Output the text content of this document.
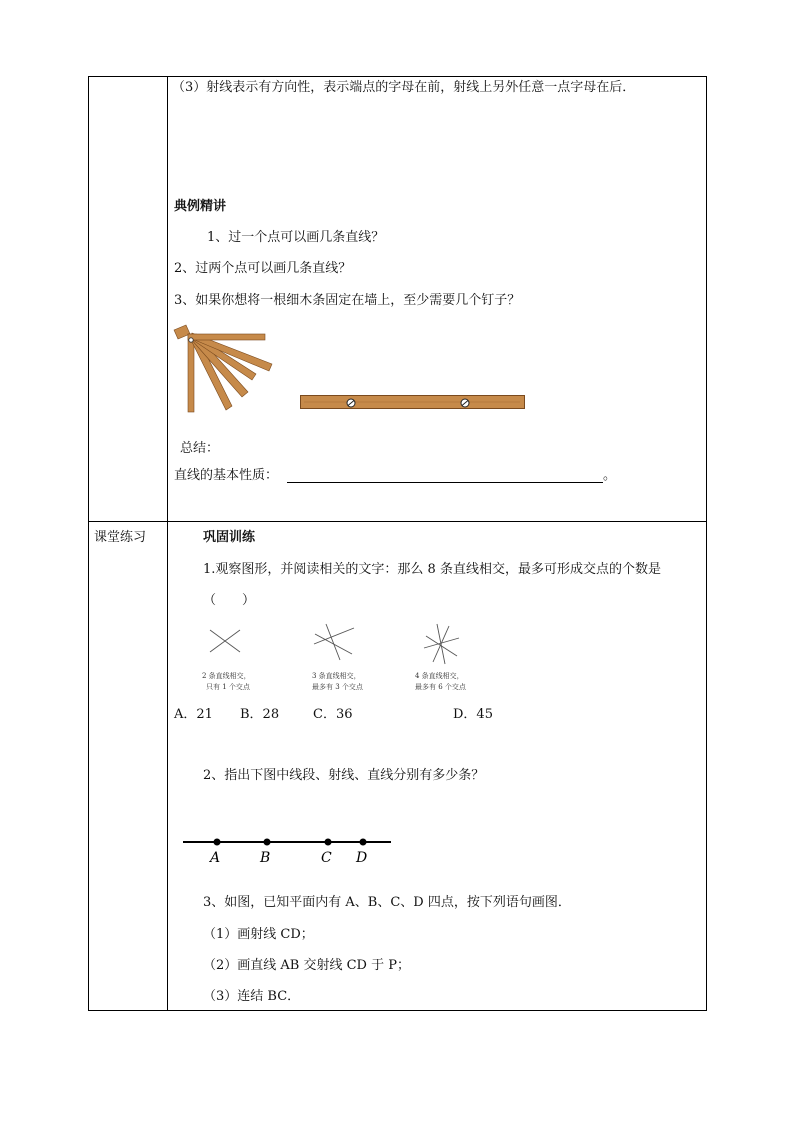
（3）射线表示有方向性，表示端点的字母在前，射线上另外任意一点字母在后．
典例精讲
1、过一个点可以画几条直线？
2、过两个点可以画几条直线？
3、如果你想将一根细木条固定在墙上，至少需要几个钉子？
总结：
直线的基本性质：	。
课堂练习	巩固训练
1.观察图形，并阅读相关的文字：那么 8 条直线相交，最多可形成交点的个数是
（　　）
2 条直线相交，
只有 1 个交点
3 条直线相交，
最多有 3 个交点
4 条直线相交，
最多有 6 个交点
A．21 B．28	C．36	D．45
2、指出下图中线段、射线、直线分别有多少条？
A	B	C D
3、如图，已知平面内有 A、B、C、D 四点，按下列语句画图．
（1）画射线 CD；
（2）画直线 AB 交射线 CD 于 P；
（3）连结 BC．
